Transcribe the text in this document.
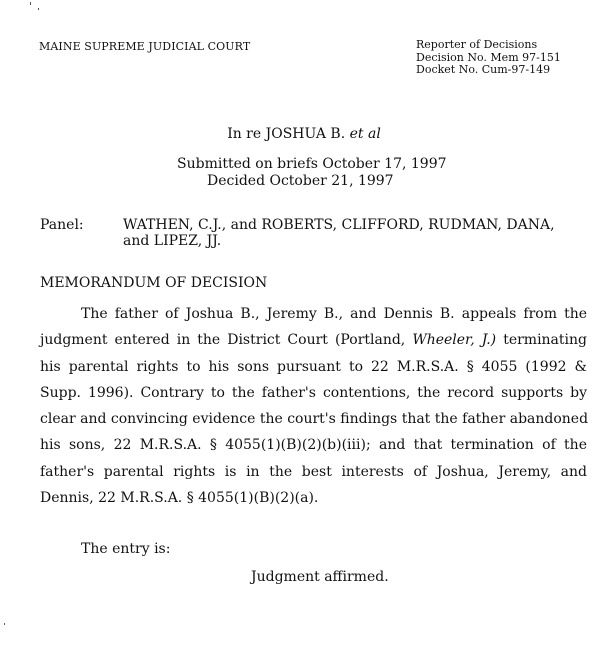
MAINE SUPREME JUDICIAL COURT	Reporter of Decisions
Decision No. Mem 97-151
Docket No. Cum-97-149
In re JOSHUA B. et al
Submitted on briefs October 17, 1997
Decided October 21, 1997
Panel:	WATHEN, C.J., and ROBERTS, CLIFFORD, RUDMAN, DANA,
and LIPEZ, JJ.
MEMORANDUM OF DECISION
The father of Joshua B., Jeremy B., and Dennis B. appeals from the
judgment entered in the District Court (Portland, Wheeler, J.) terminating
his parental rights to his sons pursuant to 22 M.R.S.A. § 4055 (1992 &
Supp. 1996). Contrary to the father's contentions, the record supports by
clear and convincing evidence the court's findings that the father abandoned
his sons, 22 M.R.S.A. § 4055(1)(B)(2)(b)(iii); and that termination of the
father's parental rights is in the best interests of Joshua, Jeremy, and
Dennis, 22 M.R.S.A. § 4055(1)(B)(2)(a).
The entry is:
Judgment affirmed.
